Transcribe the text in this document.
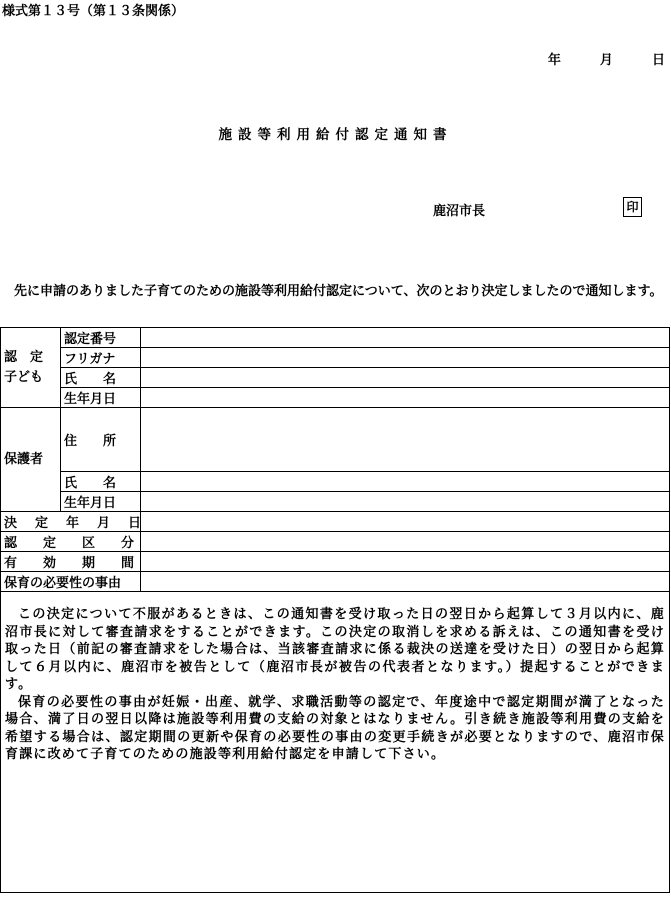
様式第１３号（第１３条関係）
年	月	日
施設等利用給付認定通知書
鹿沼市長	印
先に申請のありました子育てのための施設等利用給付認定について、次のとおり決定しましたので通知します。
認　定 子ども	認定番号	
	フリガナ	
	氏　　名	
	生年月日	
保護者	住　　所	
	氏　　名	
	生年月日	
決定年月日		
認定区分		
有効期間		
保育の必要性の事由		

この決定について不服があるときは、この通知書を受け取った日の翌日から起算して３月以内に、鹿沼市長に対して審査請求をすることができます。この決定の取消しを求める訴えは、この通知書を受け取った日（前記の審査請求をした場合は、当該審査請求に係る裁決の送達を受けた日）の翌日から起算して６月以内に、鹿沼市を被告として（鹿沼市長が被告の代表者となります。）提起することができます。

保育の必要性の事由が妊娠・出産、就学、求職活動等の認定で、年度途中で認定期間が満了となった場合、満了日の翌日以降は施設等利用費の支給の対象とはなりません。引き続き施設等利用費の支給を希望する場合は、認定期間の更新や保育の必要性の事由の変更手続きが必要となりますので、鹿沼市保育課に改めて子育てのための施設等利用給付認定を申請して下さい。		
